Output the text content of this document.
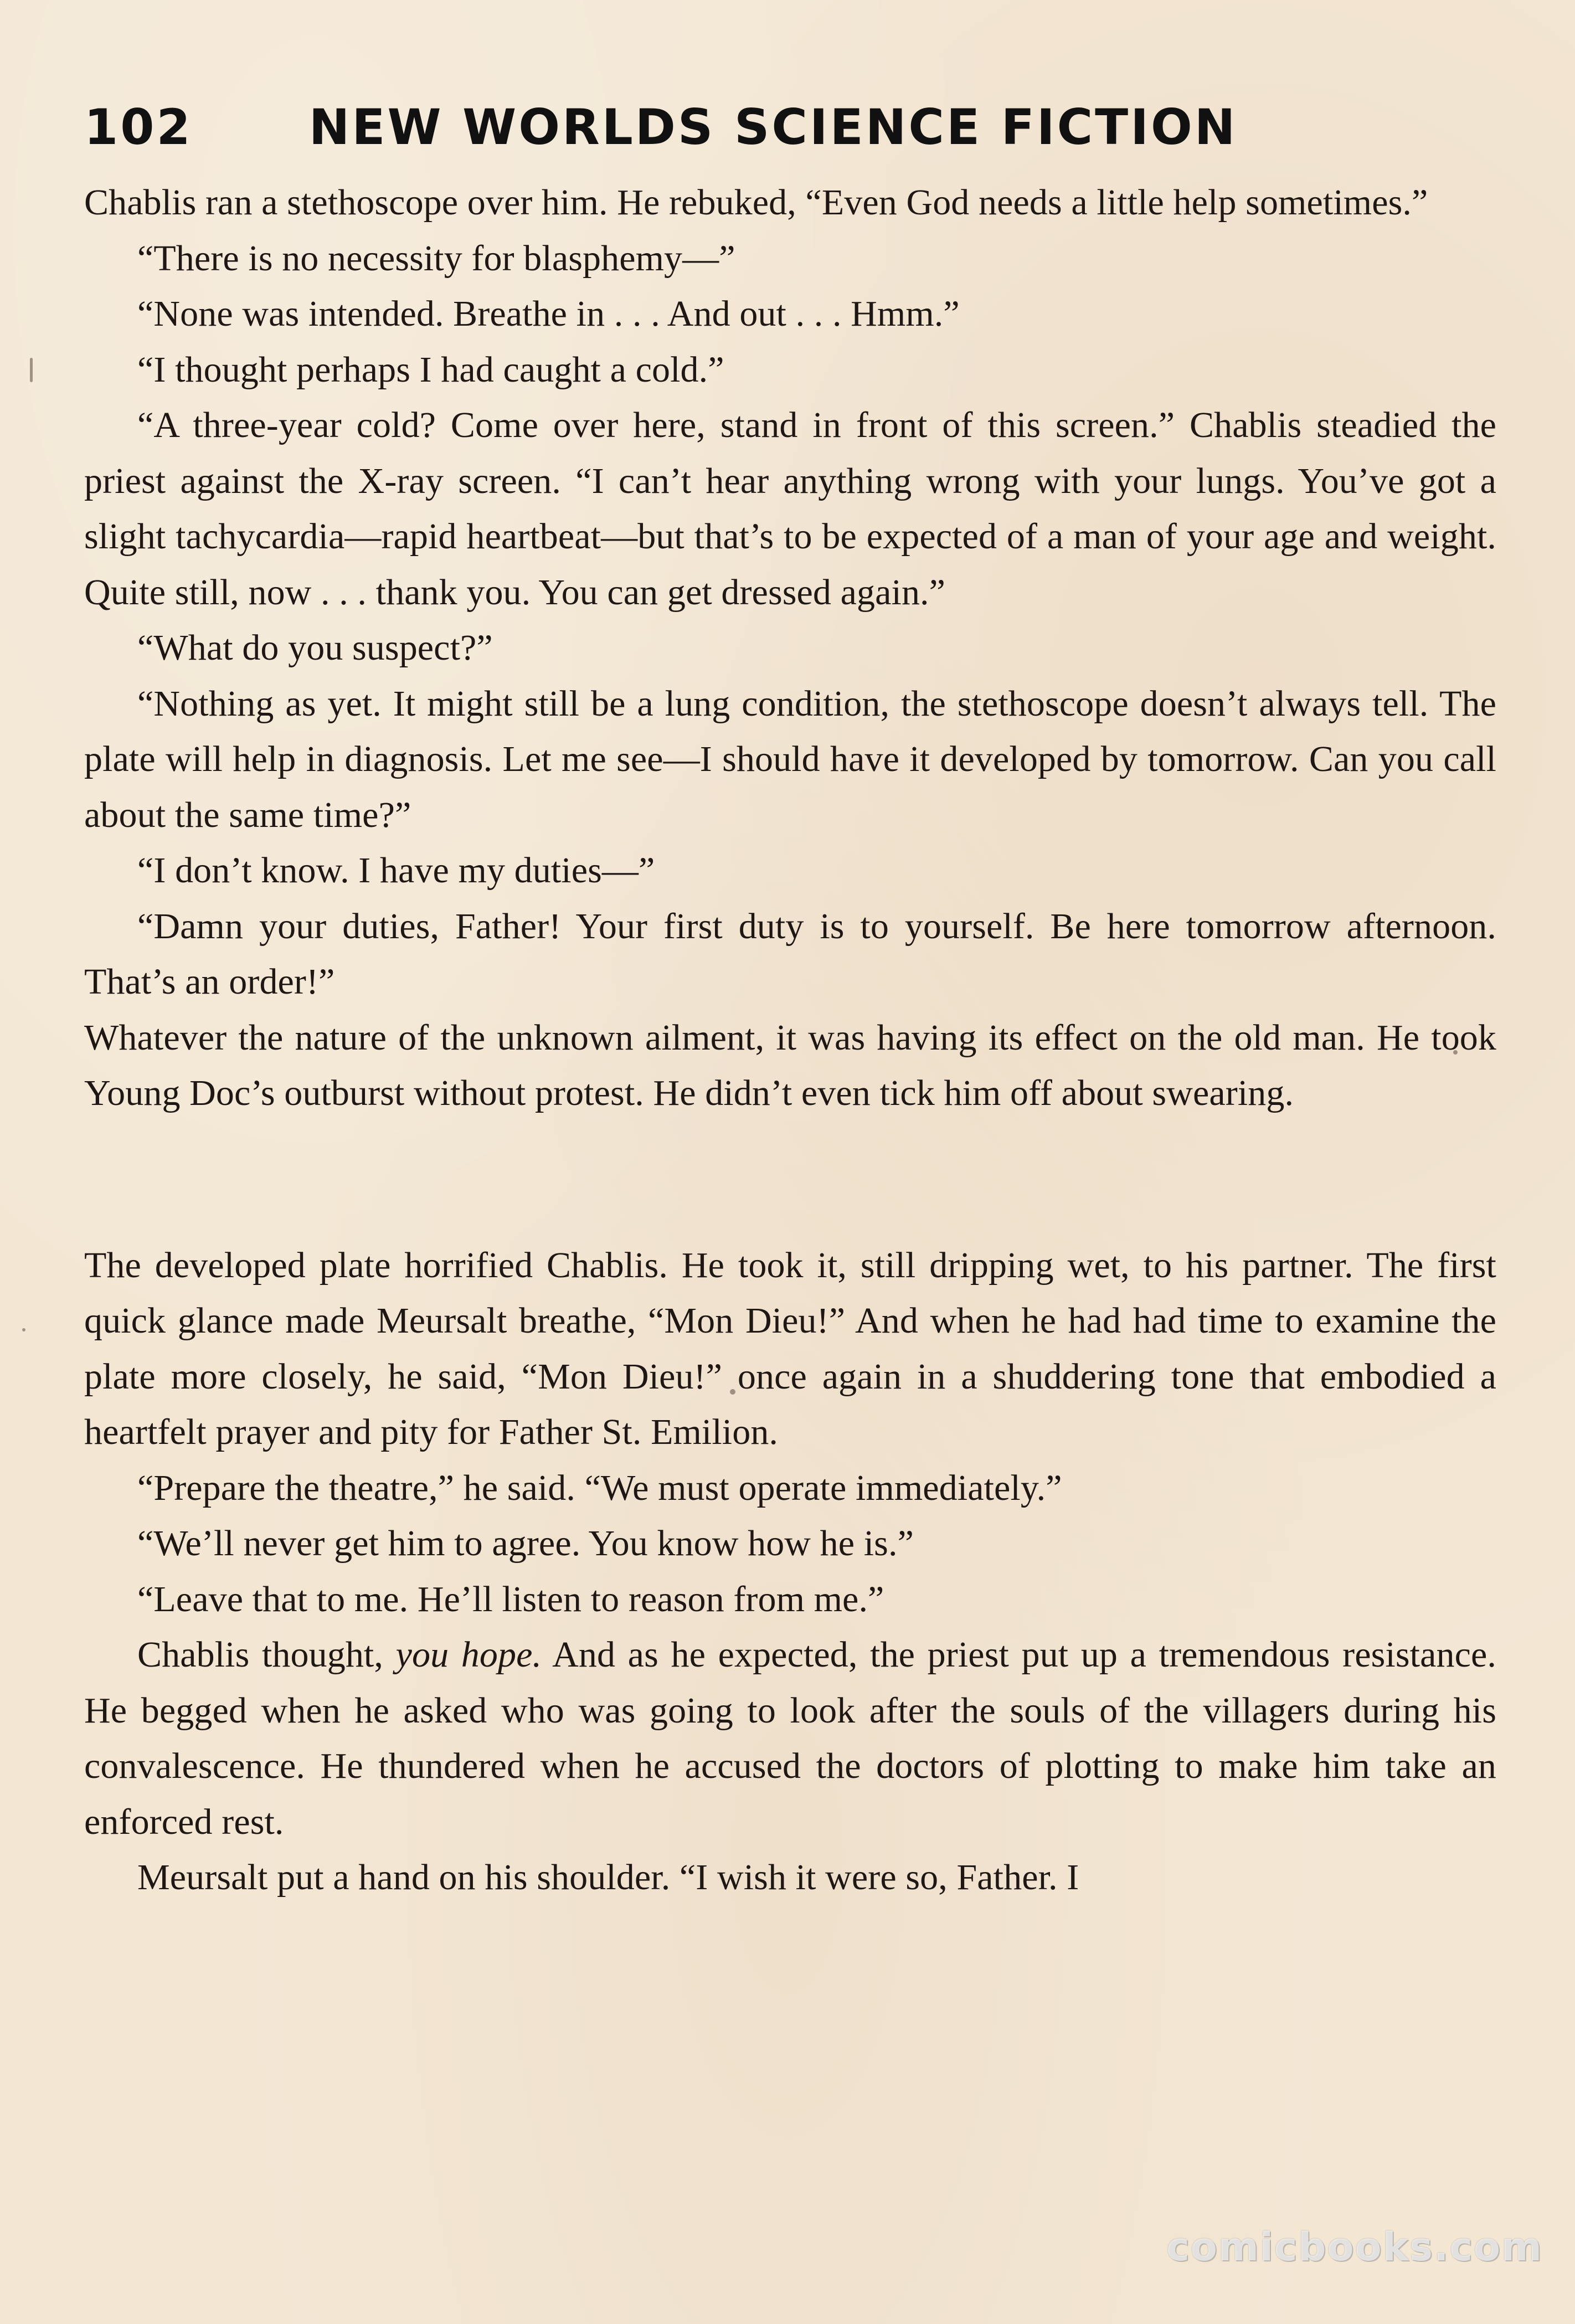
102 NEW WORLDS SCIENCE FICTION

Chablis ran a stethoscope over him. He rebuked, “Even God needs a little help sometimes.”

“There is no necessity for blasphemy—”

“None was intended. Breathe in . . . And out . . . Hmm.”

“I thought perhaps I had caught a cold.”

“A three-year cold? Come over here, stand in front of this screen.” Chablis steadied the priest against the X-ray screen. “I can’t hear anything wrong with your lungs. You’ve got a slight tachycardia—rapid heartbeat—but that’s to be expected of a man of your age and weight. Quite still, now . . . thank you. You can get dressed again.”

“What do you suspect?”

“Nothing as yet. It might still be a lung condition, the stethoscope doesn’t always tell. The plate will help in diagnosis. Let me see—I should have it developed by tomorrow. Can you call about the same time?”

“I don’t know. I have my duties—”

“Damn your duties, Father! Your first duty is to yourself. Be here tomorrow afternoon. That’s an order!”

Whatever the nature of the unknown ailment, it was having its effect on the old man. He took Young Doc’s outburst without protest. He didn’t even tick him off about swearing.

The developed plate horrified Chablis. He took it, still dripping wet, to his partner. The first quick glance made Meursalt breathe, “Mon Dieu!” And when he had had time to examine the plate more closely, he said, “Mon Dieu!” once again in a shuddering tone that embodied a heartfelt prayer and pity for Father St. Emilion.

“Prepare the theatre,” he said. “We must operate immediately.”

“We’ll never get him to agree. You know how he is.”

“Leave that to me. He’ll listen to reason from me.”

Chablis thought, you hope. And as he expected, the priest put up a tremendous resistance. He begged when he asked who was going to look after the souls of the villagers during his convalescence. He thundered when he accused the doctors of plotting to make him take an enforced rest.

Meursalt put a hand on his shoulder. “I wish it were so, Father. I

comicbooks.com
